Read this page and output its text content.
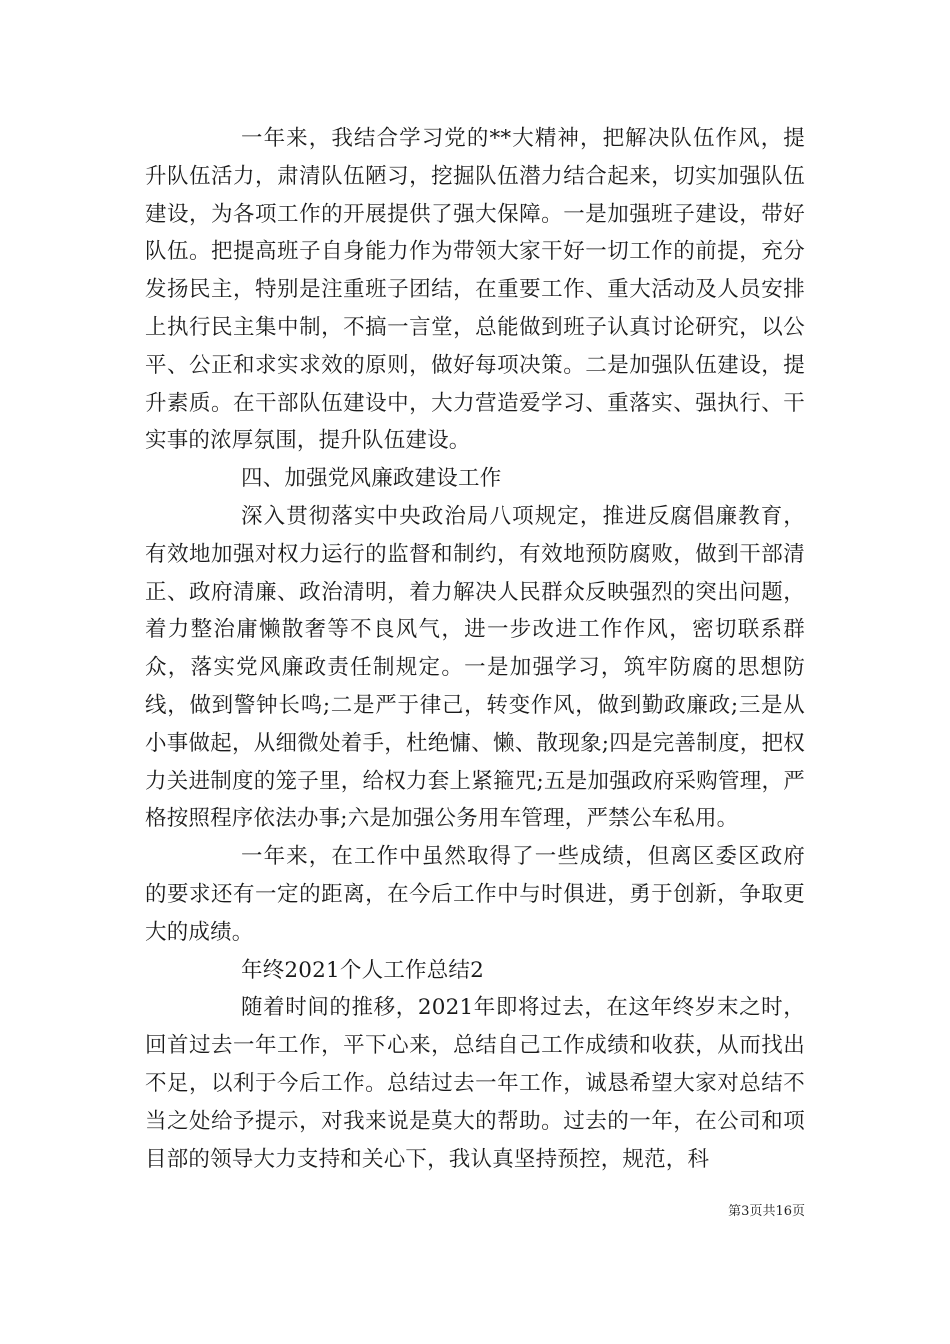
一年来，我结合学习党的**大精神，把解决队伍作风，提升队伍活力，肃清队伍陋习，挖掘队伍潜力结合起来，切实加强队伍建设，为各项工作的开展提供了强大保障。一是加强班子建设，带好队伍。把提高班子自身能力作为带领大家干好一切工作的前提，充分发扬民主，特别是注重班子团结，在重要工作、重大活动及人员安排上执行民主集中制，不搞一言堂，总能做到班子认真讨论研究，以公平、公正和求实求效的原则，做好每项决策。二是加强队伍建设，提升素质。在干部队伍建设中，大力营造爱学习、重落实、强执行、干实事的浓厚氛围，提升队伍建设。

四、加强党风廉政建设工作

深入贯彻落实中央政治局八项规定，推进反腐倡廉教育，有效地加强对权力运行的监督和制约，有效地预防腐败，做到干部清正、政府清廉、政治清明，着力解决人民群众反映强烈的突出问题，着力整治庸懒散奢等不良风气，进一步改进工作作风，密切联系群众，落实党风廉政责任制规定。一是加强学习，筑牢防腐的思想防线，做到警钟长鸣;二是严于律己，转变作风，做到勤政廉政;三是从小事做起，从细微处着手，杜绝慵、懒、散现象;四是完善制度，把权力关进制度的笼子里，给权力套上紧箍咒;五是加强政府采购管理，严格按照程序依法办事;六是加强公务用车管理，严禁公车私用。

一年来，在工作中虽然取得了一些成绩，但离区委区政府的要求还有一定的距离，在今后工作中与时俱进，勇于创新，争取更大的成绩。

年终2021个人工作总结2

随着时间的推移，2021年即将过去，在这年终岁末之时，回首过去一年工作，平下心来，总结自己工作成绩和收获，从而找出不足，以利于今后工作。总结过去一年工作，诚恳希望大家对总结不当之处给予提示，对我来说是莫大的帮助。过去的一年，在公司和项目部的领导大力支持和关心下，我认真坚持预控，规范，科

第3页共16页
